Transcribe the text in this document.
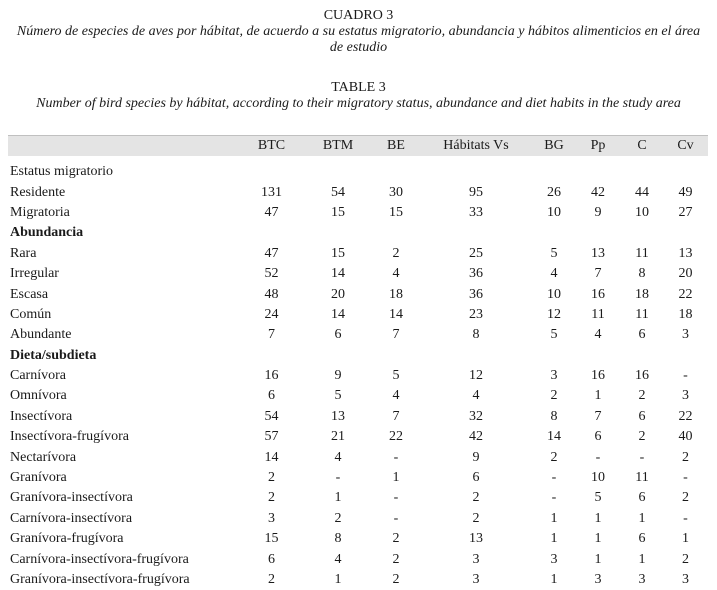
CUADRO 3
Número de especies de aves por hábitat, de acuerdo a su estatus migratorio, abundancia y hábitos alimenticios en el área de estudio
TABLE 3
Number of bird species by hábitat, according to their migratory status, abundance and diet habits in the study area
	BTC	BTM	BE	Hábitats Vs	BG	Pp	C	Cv

Estatus migratorio								
Residente	131	54	30	95	26	42	44	49
Migratoria	47	15	15	33	10	9	10	27
Abundancia								
Rara	47	15	2	25	5	13	11	13
Irregular	52	14	4	36	4	7	8	20
Escasa	48	20	18	36	10	16	18	22
Común	24	14	14	23	12	11	11	18
Abundante	7	6	7	8	5	4	6	3
Dieta/subdieta								
Carnívora	16	9	5	12	3	16	16	-
Omnívora	6	5	4	4	2	1	2	3
Insectívora	54	13	7	32	8	7	6	22
Insectívora-frugívora	57	21	22	42	14	6	2	40
Nectarívora	14	4	-	9	2	-	-	2
Granívora	2	-	1	6	-	10	11	-
Granívora-insectívora	2	1	-	2	-	5	6	2
Carnívora-insectívora	3	2	-	2	1	1	1	-
Granívora-frugívora	15	8	2	13	1	1	6	1
Carnívora-insectívora-frugívora	6	4	2	3	3	1	1	2
Granívora-insectívora-frugívora	2	1	2	3	1	3	3	3
